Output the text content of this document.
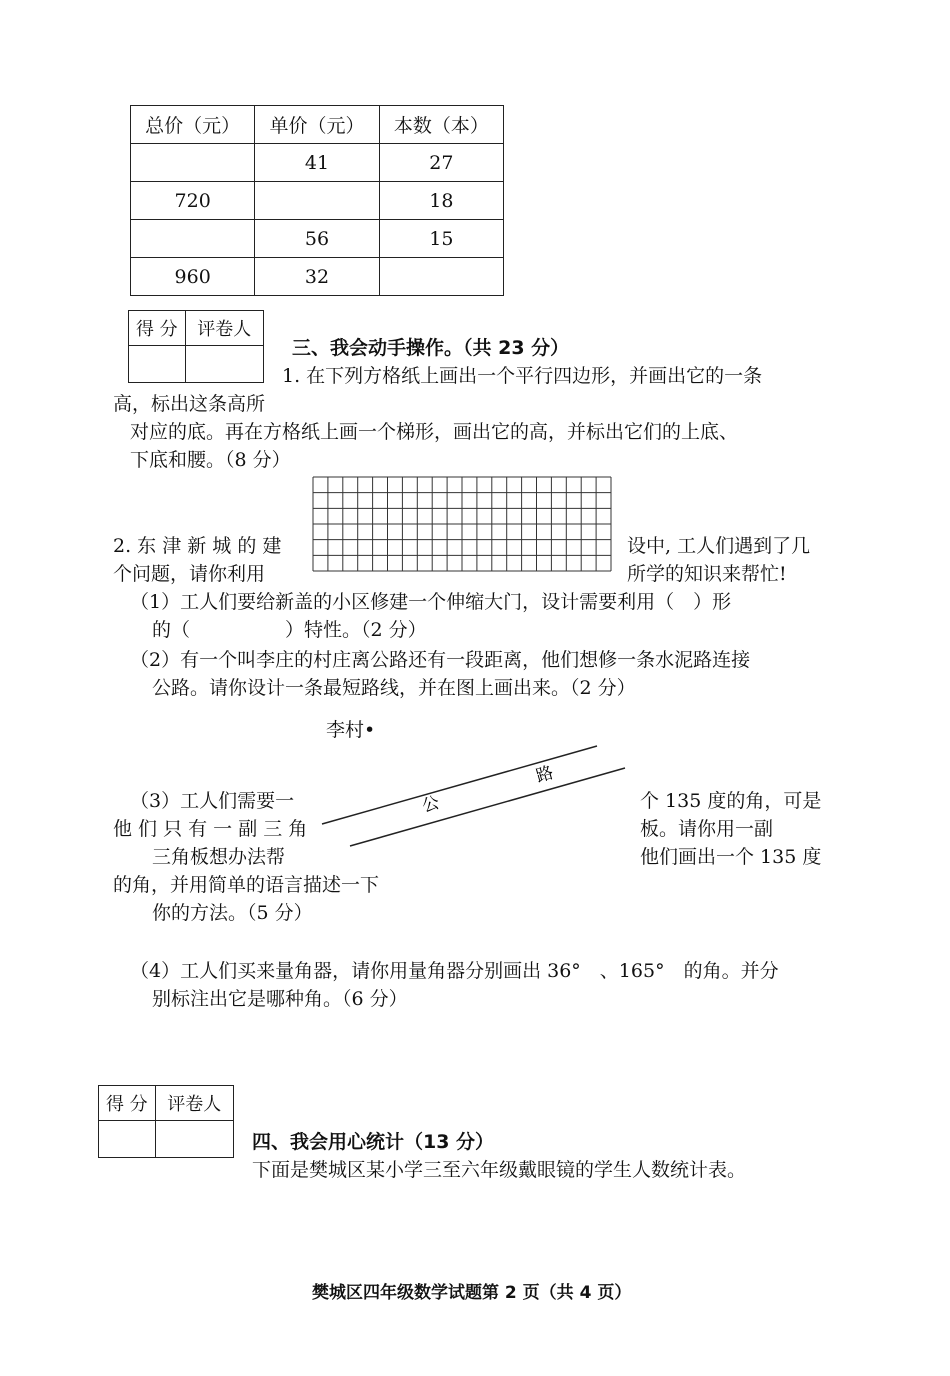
总价（元）	单价（元）	本数（本）
	41	27
720		18
	56	15
960	32	
得 分	评卷人

三、我会动手操作。（共 23 分）
1. 在下列方格纸上画出一个平行四边形，并画出它的一条
高，标出这条高所
对应的底。再在方格纸上画一个梯形，画出它的高，并标出它们的上底、
下底和腰。（8 分）
2. 东 津 新 城 的 建
个问题，请你利用
设中, 工人们遇到了几
所学的知识来帮忙!
（1）工人们要给新盖的小区修建一个伸缩大门，设计需要利用（　）形
的（　　　　　）特性。（2 分）
（2）有一个叫李庄的村庄离公路还有一段距离，他们想修一条水泥路连接
公路。请你设计一条最短路线，并在图上画出来。（2 分）
李村•
公
路
（3）工人们需要一
他 们 只 有 一 副 三 角
三角板想办法帮
的角，并用简单的语言描述一下
你的方法。（5 分）
个 135 度的角，可是
板。请你用一副
他们画出一个 135 度
（4）工人们买来量角器，请你用量角器分别画出 36°　、165°　的角。并分
别标注出它是哪种角。（6 分）
得 分	评卷人

四、我会用心统计（13 分）
下面是樊城区某小学三至六年级戴眼镜的学生人数统计表。
樊城区四年级数学试题第 2 页（共 4 页）
